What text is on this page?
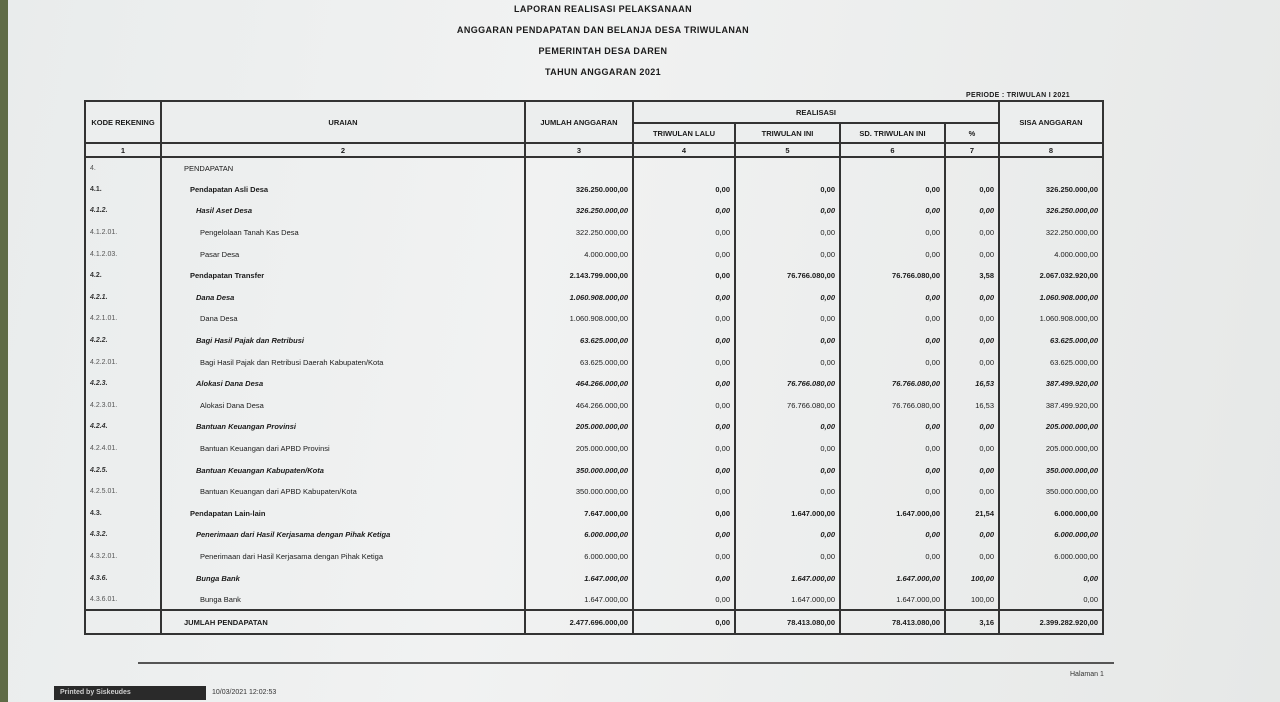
LAPORAN REALISASI PELAKSANAAN
ANGGARAN PENDAPATAN DAN BELANJA DESA TRIWULANAN
PEMERINTAH DESA DAREN
TAHUN ANGGARAN 2021
PERIODE : TRIWULAN I 2021
KODE REKENING	URAIAN	JUMLAH ANGGARAN	REALISASI				SISA ANGGARAN
			TRIWULAN LALU	TRIWULAN INI	SD. TRIWULAN INI	%	
1	2	3	4	5	6	7	8
4.	PENDAPATAN						
4.1.	Pendapatan Asli Desa	326.250.000,00	0,00	0,00	0,00	0,00	326.250.000,00
4.1.2.	Hasil Aset Desa	326.250.000,00	0,00	0,00	0,00	0,00	326.250.000,00
4.1.2.01.	Pengelolaan Tanah Kas Desa	322.250.000,00	0,00	0,00	0,00	0,00	322.250.000,00
4.1.2.03.	Pasar Desa	4.000.000,00	0,00	0,00	0,00	0,00	4.000.000,00
4.2.	Pendapatan Transfer	2.143.799.000,00	0,00	76.766.080,00	76.766.080,00	3,58	2.067.032.920,00
4.2.1.	Dana Desa	1.060.908.000,00	0,00	0,00	0,00	0,00	1.060.908.000,00
4.2.1.01.	Dana Desa	1.060.908.000,00	0,00	0,00	0,00	0,00	1.060.908.000,00
4.2.2.	Bagi Hasil Pajak dan Retribusi	63.625.000,00	0,00	0,00	0,00	0,00	63.625.000,00
4.2.2.01.	Bagi Hasil Pajak dan Retribusi Daerah Kabupaten/Kota	63.625.000,00	0,00	0,00	0,00	0,00	63.625.000,00
4.2.3.	Alokasi Dana Desa	464.266.000,00	0,00	76.766.080,00	76.766.080,00	16,53	387.499.920,00
4.2.3.01.	Alokasi Dana Desa	464.266.000,00	0,00	76.766.080,00	76.766.080,00	16,53	387.499.920,00
4.2.4.	Bantuan Keuangan Provinsi	205.000.000,00	0,00	0,00	0,00	0,00	205.000.000,00
4.2.4.01.	Bantuan Keuangan dari APBD Provinsi	205.000.000,00	0,00	0,00	0,00	0,00	205.000.000,00
4.2.5.	Bantuan Keuangan Kabupaten/Kota	350.000.000,00	0,00	0,00	0,00	0,00	350.000.000,00
4.2.5.01.	Bantuan Keuangan dari APBD Kabupaten/Kota	350.000.000,00	0,00	0,00	0,00	0,00	350.000.000,00
4.3.	Pendapatan Lain-lain	7.647.000,00	0,00	1.647.000,00	1.647.000,00	21,54	6.000.000,00
4.3.2.	Penerimaan dari Hasil Kerjasama dengan Pihak Ketiga	6.000.000,00	0,00	0,00	0,00	0,00	6.000.000,00
4.3.2.01.	Penerimaan dari Hasil Kerjasama dengan Pihak Ketiga	6.000.000,00	0,00	0,00	0,00	0,00	6.000.000,00
4.3.6.	Bunga Bank	1.647.000,00	0,00	1.647.000,00	1.647.000,00	100,00	0,00
4.3.6.01.	Bunga Bank	1.647.000,00	0,00	1.647.000,00	1.647.000,00	100,00	0,00
	JUMLAH PENDAPATAN	2.477.696.000,00	0,00	78.413.080,00	78.413.080,00	3,16	2.399.282.920,00
Halaman 1
Printed by Siskeudes	10/03/2021 12:02:53
